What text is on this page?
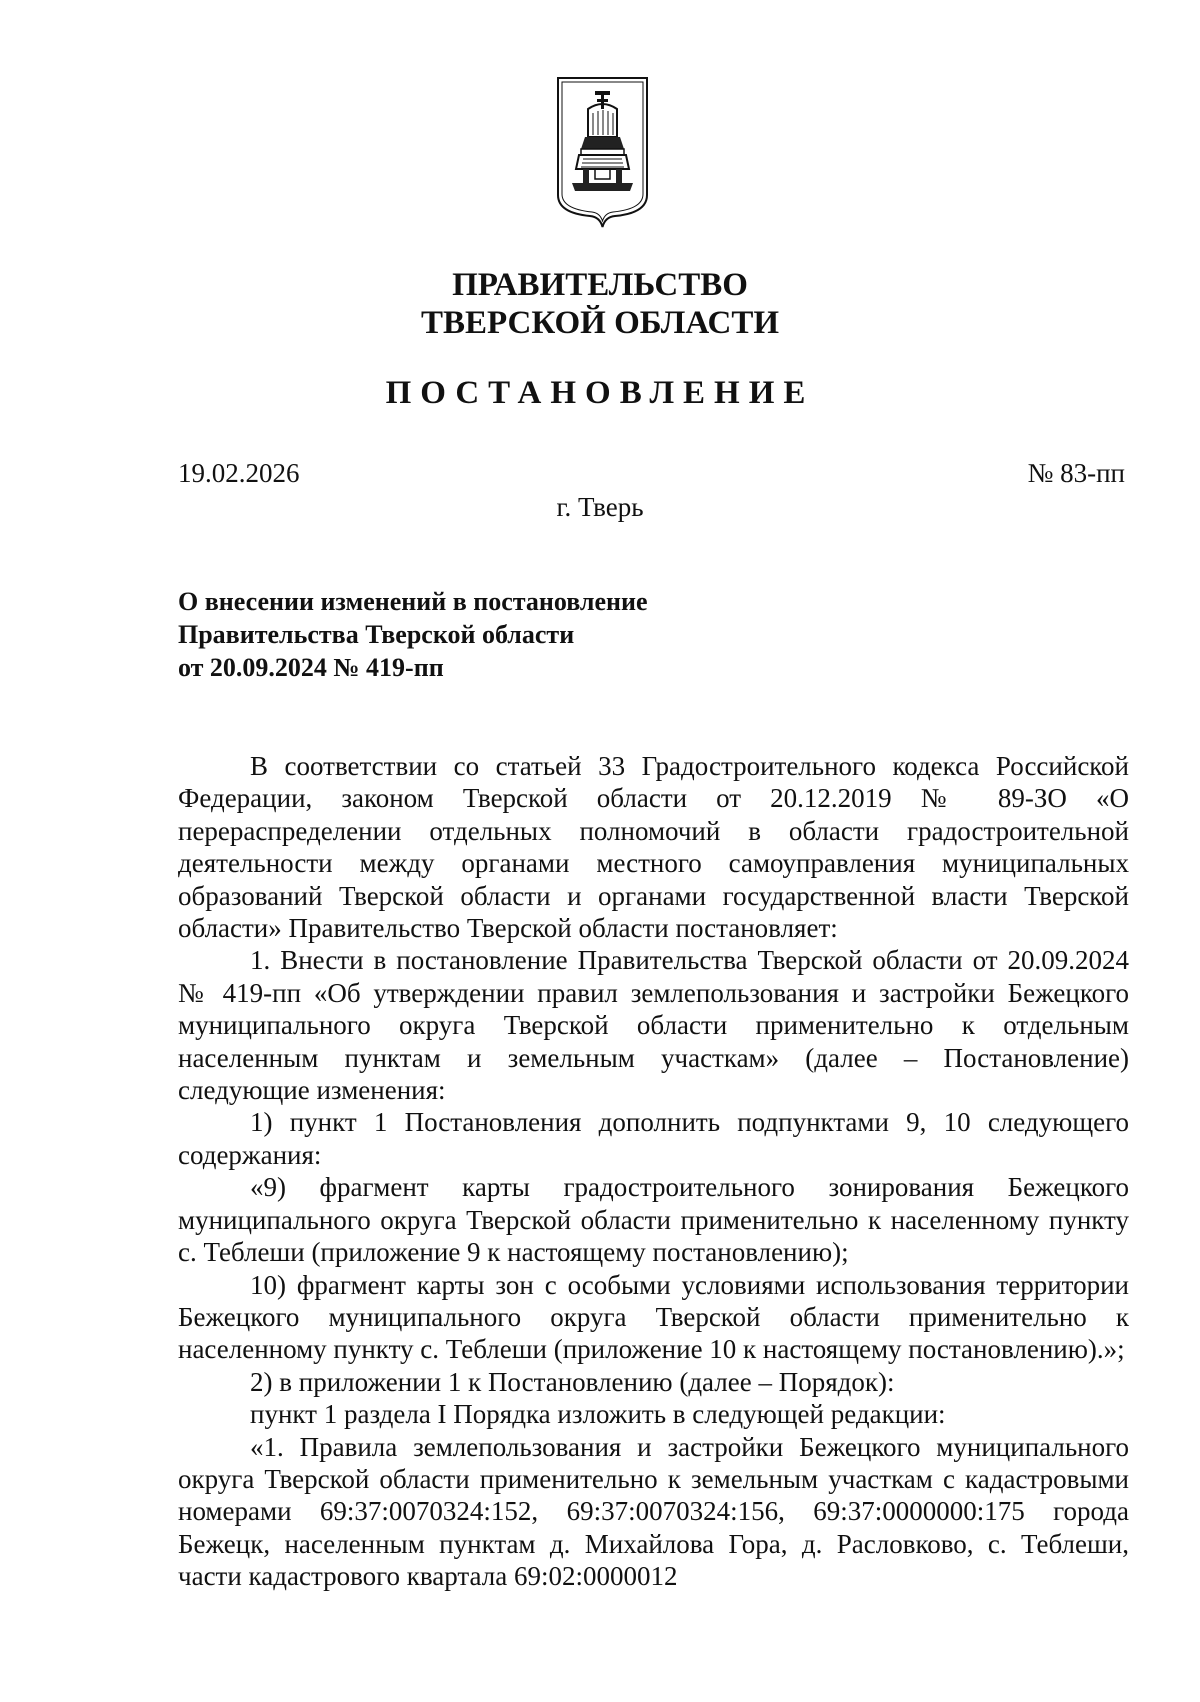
ПРАВИТЕЛЬСТВО
ТВЕРСКОЙ ОБЛАСТИ
ПОСТАНОВЛЕНИЕ
19.02.2026	№ 83-пп
г. Тверь
О внесении изменений в постановление
Правительства Тверской области
от 20.09.2024 № 419-пп

В соответствии со статьей 33 Градостроительного кодекса Российской Федерации, законом Тверской области от 20.12.2019 № 89-ЗО «О перераспределении отдельных полномочий в области градостроительной деятельности между органами местного самоуправления муниципальных образований Тверской области и органами государственной власти Тверской области» Правительство Тверской области постановляет:

1. Внести в постановление Правительства Тверской области от 20.09.2024 № 419-пп «Об утверждении правил землепользования и застройки Бежецкого муниципального округа Тверской области применительно к отдельным населенным пунктам и земельным участкам» (далее – Постановление) следующие изменения:

1) пункт 1 Постановления дополнить подпунктами 9, 10 следующего содержания:

«9) фрагмент карты градостроительного зонирования Бежецкого муниципального округа Тверской области применительно к населенному пункту с. Теблеши (приложение 9 к настоящему постановлению);

10) фрагмент карты зон с особыми условиями использования территории Бежецкого муниципального округа Тверской области применительно к населенному пункту с. Теблеши (приложение 10 к настоящему постановлению).»;

2) в приложении 1 к Постановлению (далее – Порядок):

пункт 1 раздела I Порядка изложить в следующей редакции:

«1. Правила землепользования и застройки Бежецкого муниципального округа Тверской области применительно к земельным участкам с кадастровыми номерами 69:37:0070324:152, 69:37:0070324:156, 69:37:0000000:175 города Бежецк, населенным пунктам д. Михайлова Гора, д. Расловково, с. Теблеши, части кадастрового квартала 69:02:0000012
